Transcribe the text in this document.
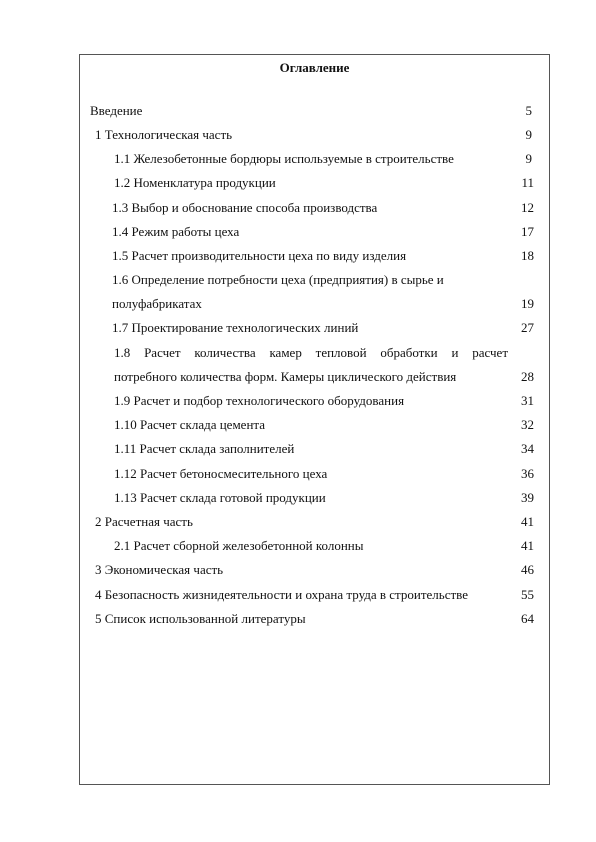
Оглавление
Введение	5
1 Технологическая часть	9
1.1 Железобетонные бордюры используемые в строительстве	9
1.2 Номенклатура продукции	11
1.3 Выбор и обоснование способа производства	12
1.4 Режим работы цеха	17
1.5 Расчет производительности цеха по виду изделия	18
1.6 Определение потребности цеха (предприятия) в сырье и
полуфабрикатах	19
1.7 Проектирование технологических линий	27
1.8 Расчет количества камер тепловой обработки и расчет
потребного количества форм. Камеры циклического действия	28
1.9 Расчет и подбор технологического оборудования	31
1.10 Расчет склада цемента	32
1.11 Расчет склада заполнителей	34
1.12 Расчет бетоносмесительного цеха	36
1.13 Расчет склада готовой продукции	39
2 Расчетная часть	41
2.1 Расчет сборной железобетонной колонны	41
3 Экономическая часть	46
4 Безопасность жизнидеятельности и охрана труда в строительстве	55
5 Список использованной литературы	64
